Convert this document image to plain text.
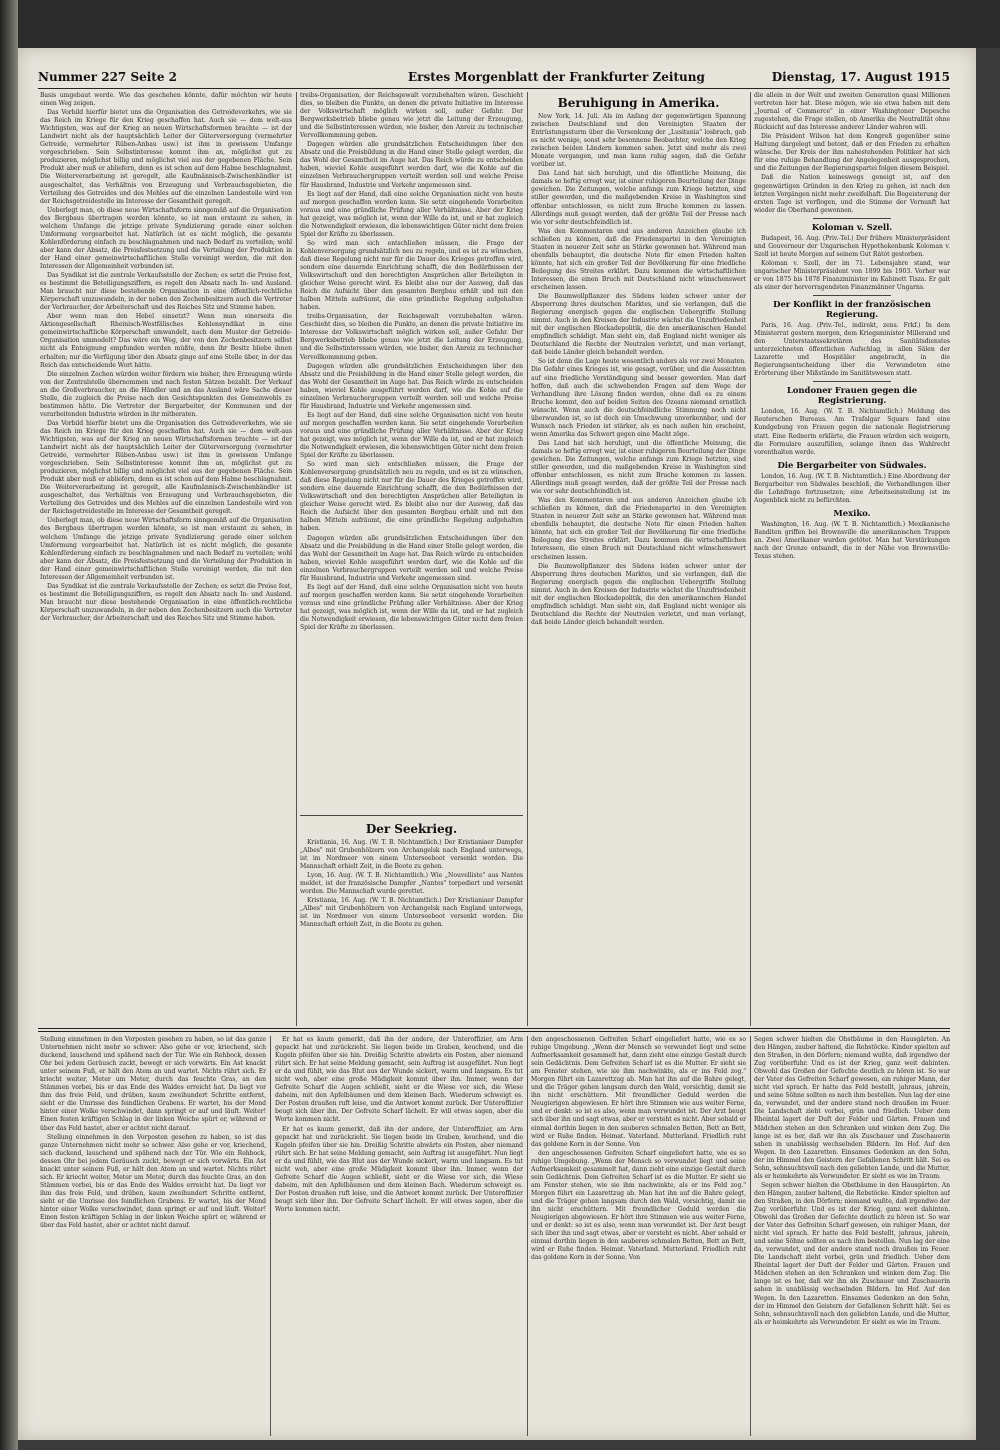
Nummer 227 Seite 2	Erstes Morgenblatt der Frankfurter Zeitung	Dienstag, 17. August 1915

Basis umgebaut werde. Wie das geschehen könnte, dafür möchten wir heute einen Weg zeigen.

Das Vorbild hierfür bietet uns die Organisation des Getreideverkehrs, wie sie das Reich im Kriege für den Krieg geschaffen hat. Auch sie — dem welt-aus Wichtigsten, was auf der Krieg an neuen Wirtschaftsformen brachte — ist der Landwirt nicht als der hauptsächlich Leiter der Güterversorgung (vermehrter Getreide, vermehrter Rüben-Anbau usw.) ist ihm in gewissem Umfange vorgeschrieben. Sein Selbstinteresse kommt ihm an, möglichst gut zu produzieren, möglichst billig und möglichst viel aus der gegebenen Fläche. Sein Produkt aber muß er abliefern, denn es ist schon auf dem Halme beschlagnahmt. Die Weiterverarbeitung ist geregelt, alle Kaufmännisch-Zwischenhändler ist ausgeschaltet, das Verhältnis von Erzeugung und Verbrauchsgebieten, die Verteilung des Getreides und des Mehles auf die einzelnen Landesteile wird von der Reichsgetreidestelle im Interesse der Gesamtheit geregelt.

Ueberlegt man, ob diese neue Wirtschaftsform sinngemäß auf die Organisation des Bergbaus übertragen werden könnte, so ist man erstaunt zu sehen, in welchem Umfange die jetzige private Syndizierung gerade einer solchen Umformung vorgearbeitet hat. Natürlich ist es nicht möglich, die gesamte Kohlenförderung einfach zu beschlagnahmen und nach Bedarf zu verteilen; wohl aber kann der Absatz, die Preisfestsetzung und die Verteilung der Produktion in der Hand einer gemeinwirtschaftlichen Stelle vereinigt werden, die mit den Interessen der Allgemeinheit verbunden ist.

Das Syndikat ist die zentrale Verkaufsstelle der Zechen; es setzt die Preise fest, es bestimmt die Beteiligungsziffern, es regelt den Absatz nach In- und Ausland. Man braucht nur diese bestehende Organisation in eine öffentlich-rechtliche Körperschaft umzuwandeln, in der neben den Zechenbesitzern auch die Vertreter der Verbraucher, der Arbeiterschaft und des Reiches Sitz und Stimme haben.

Aber wenn man den Hebel einsetzt? Wenn man einerseits die Aktiengesellschaft Rheinisch-Westfälisches Kohlensyndikat in eine gemeinwirtschaftliche Körperschaft umwandelt, nach dem Muster der Getreide-Organisation ummodelt? Das wäre ein Weg, der von den Zechenbesitzern selbst nicht als Enteignung empfunden werden müßte, denn ihr Besitz bliebe ihnen erhalten; nur die Verfügung über den Absatz ginge auf eine Stelle über, in der das Reich das entscheidende Wort hätte.

Die einzelnen Zechen würden weiter fördern wie bisher, ihre Erzeugung würde von der Zentralstelle übernommen und nach festen Sätzen bezahlt. Der Verkauf an die Großverbraucher, an die Händler und an das Ausland wäre Sache dieser Stelle, die zugleich die Preise nach den Gesichtspunkten des Gemeinwohls zu bestimmen hätte. Die Vertreter der Bergarbeiter, der Kommunen und der verarbeitenden Industrie würden in ihr mitberaten.

Das Vorbild hierfür bietet uns die Organisation des Getreideverkehrs, wie sie das Reich im Kriege für den Krieg geschaffen hat. Auch sie — dem welt-aus Wichtigsten, was auf der Krieg an neuen Wirtschaftsformen brachte — ist der Landwirt nicht als der hauptsächlich Leiter der Güterversorgung (vermehrter Getreide, vermehrter Rüben-Anbau usw.) ist ihm in gewissem Umfange vorgeschrieben. Sein Selbstinteresse kommt ihm an, möglichst gut zu produzieren, möglichst billig und möglichst viel aus der gegebenen Fläche. Sein Produkt aber muß er abliefern, denn es ist schon auf dem Halme beschlagnahmt. Die Weiterverarbeitung ist geregelt, alle Kaufmännisch-Zwischenhändler ist ausgeschaltet, das Verhältnis von Erzeugung und Verbrauchsgebieten, die Verteilung des Getreides und des Mehles auf die einzelnen Landesteile wird von der Reichsgetreidestelle im Interesse der Gesamtheit geregelt.

Ueberlegt man, ob diese neue Wirtschaftsform sinngemäß auf die Organisation des Bergbaus übertragen werden könnte, so ist man erstaunt zu sehen, in welchem Umfange die jetzige private Syndizierung gerade einer solchen Umformung vorgearbeitet hat. Natürlich ist es nicht möglich, die gesamte Kohlenförderung einfach zu beschlagnahmen und nach Bedarf zu verteilen; wohl aber kann der Absatz, die Preisfestsetzung und die Verteilung der Produktion in der Hand einer gemeinwirtschaftlichen Stelle vereinigt werden, die mit den Interessen der Allgemeinheit verbunden ist.

Das Syndikat ist die zentrale Verkaufsstelle der Zechen; es setzt die Preise fest, es bestimmt die Beteiligungsziffern, es regelt den Absatz nach In- und Ausland. Man braucht nur diese bestehende Organisation in eine öffentlich-rechtliche Körperschaft umzuwandeln, in der neben den Zechenbesitzern auch die Vertreter der Verbraucher, der Arbeiterschaft und des Reiches Sitz und Stimme haben.

treibs-Organisation, der Reichsgewalt vorzubehalten wären. Geschieht dies, so bleiben die Punkte, an denen die private Initiative im Interesse der Volkswirtschaft möglich wirken soll, außer Gefahr. Der Bergwerksbetrieb bliebe genau wie jetzt die Leitung der Erzeugung, und die Selbstinteressen würden, wie bisher, den Anreiz zu technischer Vervollkommnung geben.

Dagegen würden alle grundsätzlichen Entscheidungen über den Absatz und die Preisbildung in die Hand einer Stelle gelegt werden, die das Wohl der Gesamtheit im Auge hat. Das Reich würde zu entscheiden haben, wieviel Kohle ausgeführt werden darf, wie die Kohle auf die einzelnen Verbrauchergruppen verteilt werden soll und welche Preise für Hausbrand, Industrie und Verkehr angemessen sind.

Es liegt auf der Hand, daß eine solche Organisation nicht von heute auf morgen geschaffen werden kann. Sie setzt eingehende Vorarbeiten voraus und eine gründliche Prüfung aller Verhältnisse. Aber der Krieg hat gezeigt, was möglich ist, wenn der Wille da ist, und er hat zugleich die Notwendigkeit erwiesen, die lebenswichtigen Güter nicht dem freien Spiel der Kräfte zu überlassen.

So wird man sich entschließen müssen, die Frage der Kohlenversorgung grundsätzlich neu zu regeln, und es ist zu wünschen, daß diese Regelung nicht nur für die Dauer des Krieges getroffen wird, sondern eine dauernde Einrichtung schafft, die den Bedürfnissen der Volkswirtschaft und den berechtigten Ansprüchen aller Beteiligten in gleicher Weise gerecht wird. Es bleibt also nur der Ausweg, daß das Reich die Aufsicht über den gesamten Bergbau erhält und mit den halben Mitteln aufräumt, die eine gründliche Regelung aufgehalten haben.

treibs-Organisation, der Reichsgewalt vorzubehalten wären. Geschieht dies, so bleiben die Punkte, an denen die private Initiative im Interesse der Volkswirtschaft möglich wirken soll, außer Gefahr. Der Bergwerksbetrieb bliebe genau wie jetzt die Leitung der Erzeugung, und die Selbstinteressen würden, wie bisher, den Anreiz zu technischer Vervollkommnung geben.

Dagegen würden alle grundsätzlichen Entscheidungen über den Absatz und die Preisbildung in die Hand einer Stelle gelegt werden, die das Wohl der Gesamtheit im Auge hat. Das Reich würde zu entscheiden haben, wieviel Kohle ausgeführt werden darf, wie die Kohle auf die einzelnen Verbrauchergruppen verteilt werden soll und welche Preise für Hausbrand, Industrie und Verkehr angemessen sind.

Es liegt auf der Hand, daß eine solche Organisation nicht von heute auf morgen geschaffen werden kann. Sie setzt eingehende Vorarbeiten voraus und eine gründliche Prüfung aller Verhältnisse. Aber der Krieg hat gezeigt, was möglich ist, wenn der Wille da ist, und er hat zugleich die Notwendigkeit erwiesen, die lebenswichtigen Güter nicht dem freien Spiel der Kräfte zu überlassen.

So wird man sich entschließen müssen, die Frage der Kohlenversorgung grundsätzlich neu zu regeln, und es ist zu wünschen, daß diese Regelung nicht nur für die Dauer des Krieges getroffen wird, sondern eine dauernde Einrichtung schafft, die den Bedürfnissen der Volkswirtschaft und den berechtigten Ansprüchen aller Beteiligten in gleicher Weise gerecht wird. Es bleibt also nur der Ausweg, daß das Reich die Aufsicht über den gesamten Bergbau erhält und mit den halben Mitteln aufräumt, die eine gründliche Regelung aufgehalten haben.

Dagegen würden alle grundsätzlichen Entscheidungen über den Absatz und die Preisbildung in die Hand einer Stelle gelegt werden, die das Wohl der Gesamtheit im Auge hat. Das Reich würde zu entscheiden haben, wieviel Kohle ausgeführt werden darf, wie die Kohle auf die einzelnen Verbrauchergruppen verteilt werden soll und welche Preise für Hausbrand, Industrie und Verkehr angemessen sind.

Es liegt auf der Hand, daß eine solche Organisation nicht von heute auf morgen geschaffen werden kann. Sie setzt eingehende Vorarbeiten voraus und eine gründliche Prüfung aller Verhältnisse. Aber der Krieg hat gezeigt, was möglich ist, wenn der Wille da ist, und er hat zugleich die Notwendigkeit erwiesen, die lebenswichtigen Güter nicht dem freien Spiel der Kräfte zu überlassen.

Der Seekrieg.

Kristiania, 16. Aug. (W. T. B. Nichtamtlich.) Der Kristianiaer Dampfer „Albes" mit Grubenhölzern von Archangelsk nach England unterwegs, ist im Nordmeer von einem Unterseeboot versenkt worden. Die Mannschaft erhielt Zeit, in die Boote zu gehen.

Lyon, 16. Aug. (W. T. B. Nichtamtlich.) Wie „Nouvelliste" aus Nantes meldet, ist der französische Dampfer „Nantes" torpediert und versenkt worden. Die Mannschaft wurde gerettet.

Kristiania, 16. Aug. (W. T. B. Nichtamtlich.) Der Kristianiaer Dampfer „Albes" mit Grubenhölzern von Archangelsk nach England unterwegs, ist im Nordmeer von einem Unterseeboot versenkt worden. Die Mannschaft erhielt Zeit, in die Boote zu gehen.

Beruhigung in Amerika.

New York, 14. Juli. Als im Anfang der gegenwärtigen Spannung zwischen Deutschland und den Vereinigten Staaten der Entrüstungssturm über die Versenkung der „Lusitania" losbrach, gab es nicht wenige, sonst sehr besonnene Beobachter, welche den Krieg zwischen beiden Ländern kommen sahen. Jetzt sind mehr als zwei Monate vergangen, und man kann ruhig sagen, daß die Gefahr vorüber ist.

Das Land hat sich beruhigt, und die öffentliche Meinung, die damals so heftig erregt war, ist einer ruhigeren Beurteilung der Dinge gewichen. Die Zeitungen, welche anfangs zum Kriege hetzten, sind stiller geworden, und die maßgebenden Kreise in Washington sind offenbar entschlossen, es nicht zum Bruche kommen zu lassen. Allerdings muß gesagt werden, daß der größte Teil der Presse nach wie vor sehr deutschfeindlich ist.

Was den Kommentaren und aus anderen Anzeichen glaube ich schließen zu können, daß die Friedenspartei in den Vereinigten Staaten in neuerer Zeit sehr an Stärke gewonnen hat. Während man ebenfalls behauptet, die deutsche Note für einen Frieden halten könnte, hat sich ein großer Teil der Bevölkerung für eine friedliche Beilegung des Streites erklärt. Dazu kommen die wirtschaftlichen Interessen, die einen Bruch mit Deutschland nicht wünschenswert erscheinen lassen.

Die Baumwollpflanzer des Südens leiden schwer unter der Absperrung ihres deutschen Marktes, und sie verlangen, daß die Regierung energisch gegen die englischen Uebergriffe Stellung nimmt. Auch in den Kreisen der Industrie wächst die Unzufriedenheit mit der englischen Blockadepolitik, die den amerikanischen Handel empfindlich schädigt. Man sieht ein, daß England nicht weniger als Deutschland die Rechte der Neutralen verletzt, und man verlangt, daß beide Länder gleich behandelt werden.

So ist denn die Lage heute wesentlich anders als vor zwei Monaten. Die Gefahr eines Krieges ist, wie gesagt, vorüber, und die Aussichten auf eine friedliche Verständigung sind besser geworden. Man darf hoffen, daß auch die schwebenden Fragen auf dem Wege der Verhandlung ihre Lösung finden werden, ohne daß es zu einem Bruche kommt, den auf beiden Seiten des Ozeans niemand ernstlich wünscht. Wenn auch die deutschfeindliche Stimmung noch nicht überwunden ist, so ist doch ein Umschwung unverkennbar, und der Wunsch nach Frieden ist stärker, als es nach außen hin erscheint, wenn Amerika das Schwert gegen eine Macht zöge.

Das Land hat sich beruhigt, und die öffentliche Meinung, die damals so heftig erregt war, ist einer ruhigeren Beurteilung der Dinge gewichen. Die Zeitungen, welche anfangs zum Kriege hetzten, sind stiller geworden, und die maßgebenden Kreise in Washington sind offenbar entschlossen, es nicht zum Bruche kommen zu lassen. Allerdings muß gesagt werden, daß der größte Teil der Presse nach wie vor sehr deutschfeindlich ist.

Was den Kommentaren und aus anderen Anzeichen glaube ich schließen zu können, daß die Friedenspartei in den Vereinigten Staaten in neuerer Zeit sehr an Stärke gewonnen hat. Während man ebenfalls behauptet, die deutsche Note für einen Frieden halten könnte, hat sich ein großer Teil der Bevölkerung für eine friedliche Beilegung des Streites erklärt. Dazu kommen die wirtschaftlichen Interessen, die einen Bruch mit Deutschland nicht wünschenswert erscheinen lassen.

Die Baumwollpflanzer des Südens leiden schwer unter der Absperrung ihres deutschen Marktes, und sie verlangen, daß die Regierung energisch gegen die englischen Uebergriffe Stellung nimmt. Auch in den Kreisen der Industrie wächst die Unzufriedenheit mit der englischen Blockadepolitik, die den amerikanischen Handel empfindlich schädigt. Man sieht ein, daß England nicht weniger als Deutschland die Rechte der Neutralen verletzt, und man verlangt, daß beide Länder gleich behandelt werden.

die allein in der Welt und zweiten Generation quasi Millionen vertreten hier hat. Diese mögen, wie sie etwa haben mit dem „Journal of Commerce" in einer Washingtoner Depesche zugestehen, die Frage stellen, ob Amerika die Neutralität ohne Rücksicht auf das Interesse anderer Länder wahren will.

Die Präsident Wilson hat dem Kongreß gegenüber seine Haltung dargelegt und betont, daß er den Frieden zu erhalten wünsche. Der Kreis der ihm nahestehenden Politiker hat sich für eine ruhige Behandlung der Angelegenheit ausgesprochen, und die Zeitungen der Regierungspartei folgen diesem Beispiel.

Daß die Nation keineswegs geneigt ist, auf den gegenwärtigen Gründen in den Krieg zu gehen, ist nach den letzten Vorgängen nicht mehr zweifelhaft. Die Begeisterung der ersten Tage ist verflogen, und die Stimme der Vernunft hat wieder die Oberhand gewonnen.

Koloman v. Szell.

Budapest, 16. Aug. (Priv.-Tel.) Der frühere Ministerpräsident und Gouverneur der Ungarischen Hypothekenbank Koloman v. Szell ist heute Morgen auf seinem Gut Rátót gestorben.

Koloman v. Szell, der im 71. Lebensjahre stand, war ungarischer Ministerpräsident von 1899 bis 1903. Vorher war er von 1875 bis 1878 Finanzminister im Kabinett Tisza. Er galt als einer der hervorragendsten Finanzmänner Ungarns.

Der Konflikt in der französischen Regierung.

Paris, 16. Aug. (Priv.-Tel., indirekt, zens. Frkf.) In dem Ministerrat gestern morgen, dem Kriegsminister Millerand und den Unterstaatssekretären des Sanitätsdienstes unterzeichneten öffentlichen Aufschlag, in allen Sälen der Lazarette und Hospitäler angebracht, in die Regierungsentscheidung über die Verwundeten eine Erörterung über Mißstände im Sanitätswesen statt.

Londoner Frauen gegen die Registrierung.

London, 16. Aug. (W. T. B. Nichtamtlich.) Meldung des Reuterschen Bureaus. Am Trafalgar Square fand eine Kundgebung von Frauen gegen die nationale Registrierung statt. Eine Rednerin erklärte, die Frauen würden sich weigern, die Formulare auszufüllen, solange ihnen das Wahlrecht vorenthalten werde.

Die Bergarbeiter von Südwales.

London, 16. Aug. (W. T. B. Nichtamtlich.) Eine Abordnung der Bergarbeiter von Südwales beschloß, die Verhandlungen über die Lohnfrage fortzusetzen; eine Arbeitseinstellung ist im Augenblick nicht zu befürchten.

Mexiko.

Washington, 16. Aug. (W. T. B. Nichtamtlich.) Mexikanische Banditen griffen bei Brownsville die amerikanischen Truppen an. Zwei Amerikaner wurden getötet. Man hat Verstärkungen nach der Grenze entsandt, die in der Nähe von Brownsville-Texas stehen.

Stellung einnehmen in den Vorposten gesehen zu haben, so ist das ganze Unternehmen nicht mehr so schwer. Also gehe er vor, kriechend, sich duckend, lauschend und spähend nach der Tür. Wie ein Rehbock, dessen Ohr bei jedem Geräusch zuckt, bewegt er sich vorwärts. Ein Ast knackt unter seinem Fuß, er hält den Atem an und wartet. Nichts rührt sich. Er kriecht weiter, Meter um Meter, durch das feuchte Gras, an den Stämmen vorbei, bis er das Ende des Waldes erreicht hat. Da liegt vor ihm das freie Feld, und drüben, kaum zweihundert Schritte entfernt, sieht er die Umrisse des feindlichen Grabens. Er wartet, bis der Mond hinter einer Wolke verschwindet, dann springt er auf und läuft. Weiter! Einen festen kräftigen Schlag in der linken Weiche spürt er, während er über das Feld hastet, aber er achtet nicht darauf.

Stellung einnehmen in den Vorposten gesehen zu haben, so ist das ganze Unternehmen nicht mehr so schwer. Also gehe er vor, kriechend, sich duckend, lauschend und spähend nach der Tür. Wie ein Rehbock, dessen Ohr bei jedem Geräusch zuckt, bewegt er sich vorwärts. Ein Ast knackt unter seinem Fuß, er hält den Atem an und wartet. Nichts rührt sich. Er kriecht weiter, Meter um Meter, durch das feuchte Gras, an den Stämmen vorbei, bis er das Ende des Waldes erreicht hat. Da liegt vor ihm das freie Feld, und drüben, kaum zweihundert Schritte entfernt, sieht er die Umrisse des feindlichen Grabens. Er wartet, bis der Mond hinter einer Wolke verschwindet, dann springt er auf und läuft. Weiter! Einen festen kräftigen Schlag in der linken Weiche spürt er, während er über das Feld hastet, aber er achtet nicht darauf.

Er hat es kaum gemerkt, daß ihn der andere, der Unteroffizier, am Arm gepackt hat und zurückzieht. Sie liegen beide im Graben, keuchend, und die Kugeln pfeifen über sie hin. Dreißig Schritte abwärts ein Posten, aber niemand rührt sich. Er hat seine Meldung gemacht, sein Auftrag ist ausgeführt. Nun liegt er da und fühlt, wie das Blut aus der Wunde sickert, warm und langsam. Es tut nicht weh, aber eine große Müdigkeit kommt über ihn. Immer, wenn der Gefreite Scharf die Augen schließt, sieht er die Wiese vor sich, die Wiese daheim, mit den Apfelbäumen und dem kleinen Bach. Wiederum schweigt es. Der Posten draußen ruft leise, und die Antwort kommt zurück. Der Unteroffizier beugt sich über ihn. Der Gefreite Scharf lächelt. Er will etwas sagen, aber die Worte kommen nicht.

Er hat es kaum gemerkt, daß ihn der andere, der Unteroffizier, am Arm gepackt hat und zurückzieht. Sie liegen beide im Graben, keuchend, und die Kugeln pfeifen über sie hin. Dreißig Schritte abwärts ein Posten, aber niemand rührt sich. Er hat seine Meldung gemacht, sein Auftrag ist ausgeführt. Nun liegt er da und fühlt, wie das Blut aus der Wunde sickert, warm und langsam. Es tut nicht weh, aber eine große Müdigkeit kommt über ihn. Immer, wenn der Gefreite Scharf die Augen schließt, sieht er die Wiese vor sich, die Wiese daheim, mit den Apfelbäumen und dem kleinen Bach. Wiederum schweigt es. Der Posten draußen ruft leise, und die Antwort kommt zurück. Der Unteroffizier beugt sich über ihn. Der Gefreite Scharf lächelt. Er will etwas sagen, aber die Worte kommen nicht.

den angeschossenen Gefreiten Scharf eingeliefert hatte, wie es so ruhige Umgebung. „Wenn der Mensch so verwundet liegt und seine Aufmerksamkeit gesammelt hat, dann zieht eine einzige Gestalt durch sein Gedächtnis. Dem Gefreiten Scharf ist es die Mutter. Er sieht sie am Fenster stehen, wie sie ihm nachwinkte, als er ins Feld zog." Morgen führt ein Lazarettzug ab. Man hat ihn auf die Bahre gelegt, und die Träger gehen langsam durch den Wald, vorsichtig, damit sie ihn nicht erschüttern. Mit freundlicher Geduld werden die Neugierigen abgewiesen. Er hört ihre Stimmen wie aus weiter Ferne, und er denkt: so ist es also, wenn man verwundet ist. Der Arzt beugt sich über ihn und sagt etwas, aber er versteht es nicht. Aber sobald er einmal dorthin liegen in den sauberen schmalen Betten, Bett an Bett, wird er Ruhe finden. Heimat. Vaterland. Mutterland. Friedlich ruht das goldene Korn in der Sonne. Von

den angeschossenen Gefreiten Scharf eingeliefert hatte, wie es so ruhige Umgebung. „Wenn der Mensch so verwundet liegt und seine Aufmerksamkeit gesammelt hat, dann zieht eine einzige Gestalt durch sein Gedächtnis. Dem Gefreiten Scharf ist es die Mutter. Er sieht sie am Fenster stehen, wie sie ihm nachwinkte, als er ins Feld zog." Morgen führt ein Lazarettzug ab. Man hat ihn auf die Bahre gelegt, und die Träger gehen langsam durch den Wald, vorsichtig, damit sie ihn nicht erschüttern. Mit freundlicher Geduld werden die Neugierigen abgewiesen. Er hört ihre Stimmen wie aus weiter Ferne, und er denkt: so ist es also, wenn man verwundet ist. Der Arzt beugt sich über ihn und sagt etwas, aber er versteht es nicht. Aber sobald er einmal dorthin liegen in den sauberen schmalen Betten, Bett an Bett, wird er Ruhe finden. Heimat. Vaterland. Mutterland. Friedlich ruht das goldene Korn in der Sonne. Von

Segen schwer hielten die Obstbäume in den Hausgärten. An den Hängen, zauber haltend, die Rebstöcke. Kinder spielten auf den Straßen, in den Dörfern; niemand wußte, daß irgendwo der Zug vorüberfuhr. Und es ist der Krieg, ganz weit dahinten. Obwohl das Großen der Gefechte deutlich zu hören ist. So war der Vater des Gefreiten Scharf gewesen, ein ruhiger Mann, der nicht viel sprach. Er hatte das Feld bestellt, jahraus, jahrein, und seine Söhne sollten es nach ihm bestellen. Nun lag der eine da, verwundet, und der andere stand noch draußen im Feuer. Die Landschaft zieht vorbei, grün und friedlich. Ueber dem Rheintal lagert der Duft der Felder und Gärten. Frauen und Mädchen stehen an den Schranken und winken dem Zug. Die lange ist es her, daß wir ihn als Zuschauer und Zuschauerin sahen in unablässig wechselnden Bildern. Im Hof. Auf den Wegen. In den Lazaretten. Einsames Gedenken an den Sohn, der im Himmel den Geistern der Gefallenen Schritt hält. Sei es Sohn, sehnsuchtsvoll nach den geliebten Lande, und die Mutter, als er heimkehrte als Verwundeter. Er sieht es wie im Traum.

Segen schwer hielten die Obstbäume in den Hausgärten. An den Hängen, zauber haltend, die Rebstöcke. Kinder spielten auf den Straßen, in den Dörfern; niemand wußte, daß irgendwo der Zug vorüberfuhr. Und es ist der Krieg, ganz weit dahinten. Obwohl das Großen der Gefechte deutlich zu hören ist. So war der Vater des Gefreiten Scharf gewesen, ein ruhiger Mann, der nicht viel sprach. Er hatte das Feld bestellt, jahraus, jahrein, und seine Söhne sollten es nach ihm bestellen. Nun lag der eine da, verwundet, und der andere stand noch draußen im Feuer. Die Landschaft zieht vorbei, grün und friedlich. Ueber dem Rheintal lagert der Duft der Felder und Gärten. Frauen und Mädchen stehen an den Schranken und winken dem Zug. Die lange ist es her, daß wir ihn als Zuschauer und Zuschauerin sahen in unablässig wechselnden Bildern. Im Hof. Auf den Wegen. In den Lazaretten. Einsames Gedenken an den Sohn, der im Himmel den Geistern der Gefallenen Schritt hält. Sei es Sohn, sehnsuchtsvoll nach den geliebten Lande, und die Mutter, als er heimkehrte als Verwundeter. Er sieht es wie im Traum.
